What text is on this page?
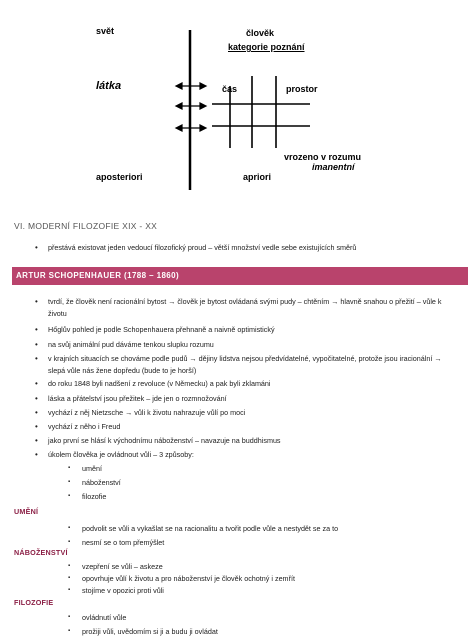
svět	člověk
kategorie poznání
látka	čas	prostor
vrozeno v rozumu
imanentní
aposteriori	apriori
VI. MODERNÍ FILOZOFIE XIX - XX
• přestává existovat jeden vedoucí filozofický proud – větší množství vedle sebe existujících směrů
ARTUR SCHOPENHAUER (1788 – 1860)
• tvrdí, že člověk není racionální bytost → člověk je bytost ovládaná svými pudy – chtěním → hlavně snahou o přežití – vůle k životu
• Hőglův pohled je podle Schopenhauera přehnaně a naivně optimistický
• na svůj animální pud dáváme tenkou slupku rozumu
• v krajních situacích se chováme podle pudů → dějiny lidstva nejsou předvídatelné, vypočitatelné, protože jsou iracionální → slepá vůle nás žene dopředu (bude to je horší)
• do roku 1848 byli nadšení z revoluce (v Německu) a pak byli zklamáni
• láska a přátelství jsou přežitek – jde jen o rozmnožování
• vychází z něj Nietzsche → vůli k životu nahrazuje vůlí po moci
• vychází z něho i Freud
• jako první se hlásí k východnímu náboženství – navazuje na buddhismus
• úkolem člověka je ovládnout vůli – 3 způsoby:
▪ umění
▪ náboženství
▪ filozofie
UMĚNÍ
▪ podvolit se vůli a vykašlat se na racionalitu a tvořit podle vůle a nestydět se za to
▪ nesmí se o tom přemýšlet
NÁBOŽENSTVÍ
▪ vzepření se vůli – askeze
▪ opovrhuje vůlí k životu a pro náboženství je člověk ochotný i zemřít
▪ stojíme v opozici proti vůli
FILOZOFIE
▪ ovládnutí vůle
▪ prožiji vůli, uvědomím si ji a budu ji ovládat
